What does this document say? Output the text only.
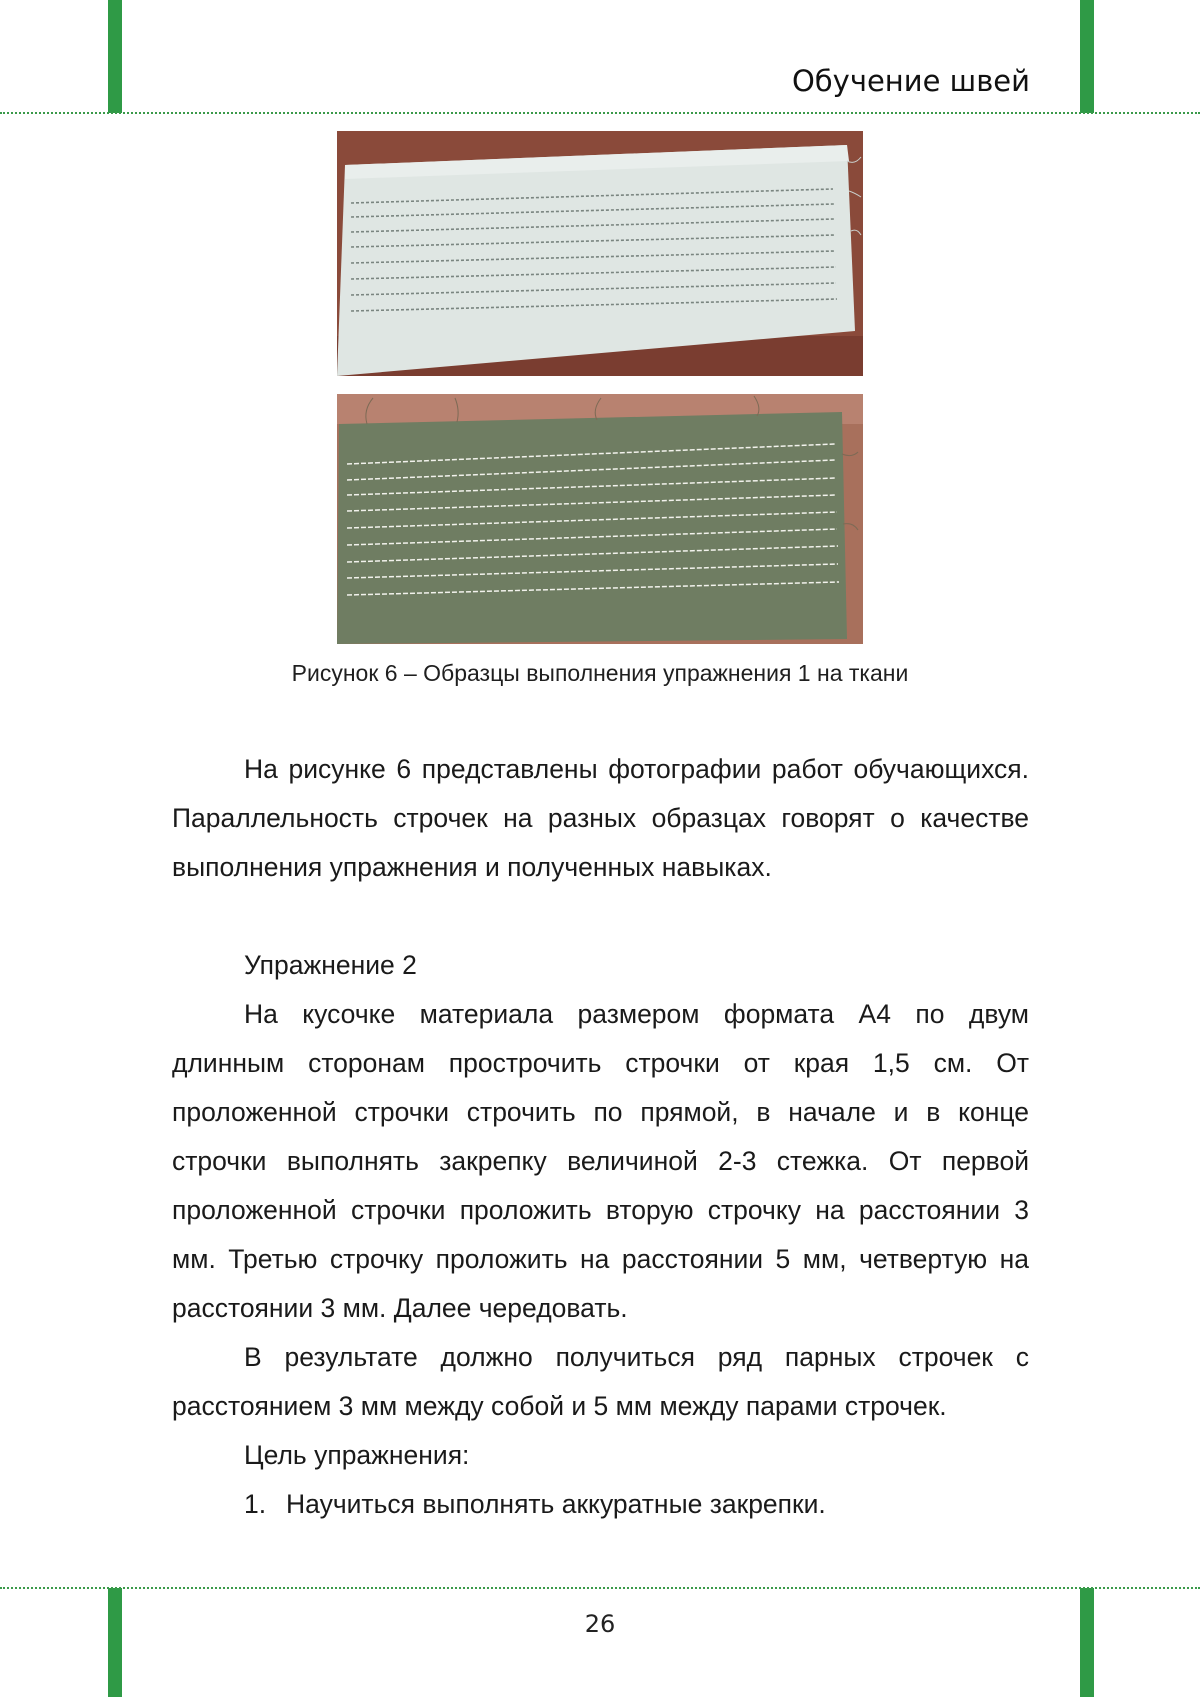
Обучение швей
Рисунок 6 – Образцы выполнения упражнения 1 на ткани

На рисунке 6 представлены фотографии работ обучающихся. Параллельность строчек на разных образцах говорят о качестве выполнения упражнения и полученных навыках.

Упражнение 2

На кусочке материала размером формата А4 по двум длинным сторонам прострочить строчки от края 1,5 см. От проложенной строчки строчить по прямой, в начале и в конце строчки выполнять закрепку величиной 2-3 стежка. От первой проложенной строчки проложить вторую строчку на расстоянии 3 мм. Третью строчку проложить на расстоянии 5 мм, четвертую на расстоянии 3 мм. Далее чередовать.

В результате должно получиться ряд парных строчек с расстоянием 3 мм между собой и 5 мм между парами строчек.

Цель упражнения:

1. Научиться выполнять аккуратные закрепки.

26
